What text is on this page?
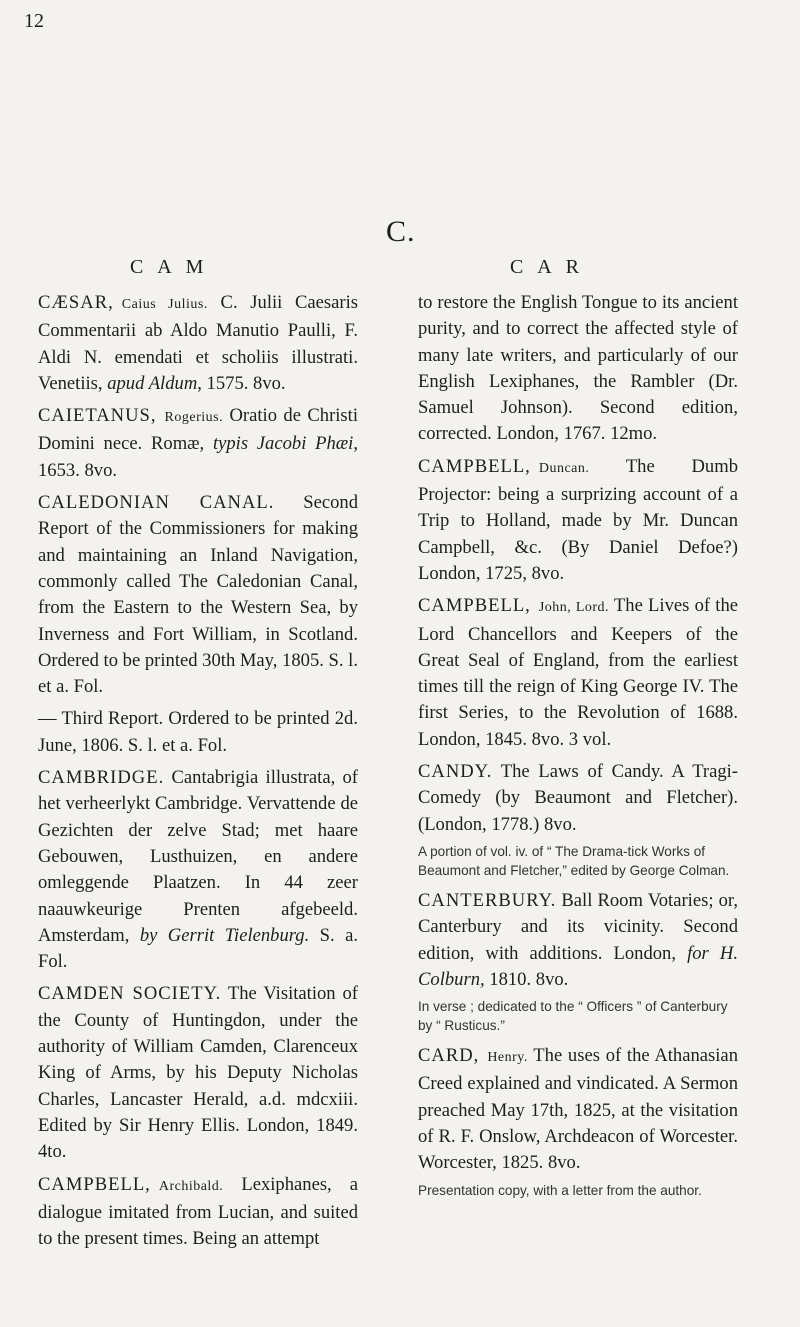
12
C.
C A M	C A R

CÆSAR, Caius Julius. C. Julii Caesaris Commentarii ab Aldo Manutio Paulli, F. Aldi N. emendati et scholiis illustrati. Venetiis, apud Aldum, 1575. 8vo.

CAIETANUS, Rogerius. Oratio de Christi Domini nece. Romæ, typis Jacobi Phæi, 1653. 8vo.

CALEDONIAN CANAL. Second Report of the Commissioners for making and maintaining an Inland Navigation, commonly called The Caledonian Canal, from the Eastern to the Western Sea, by Inverness and Fort William, in Scotland. Ordered to be printed 30th May, 1805. S. l. et a. Fol.

— Third Report. Ordered to be printed 2d. June, 1806. S. l. et a. Fol.

CAMBRIDGE. Cantabrigia illustrata, of het verheerlykt Cambridge. Vervattende de Gezichten der zelve Stad; met haare Gebouwen, Lusthuizen, en andere omleggende Plaatzen. In 44 zeer naauwkeurige Prenten afgebeeld. Amsterdam, by Gerrit Tielenburg. S. a. Fol.

CAMDEN SOCIETY. The Visitation of the County of Huntingdon, under the authority of William Camden, Clarenceux King of Arms, by his Deputy Nicholas Charles, Lancaster Herald, a.d. mdcxiii. Edited by Sir Henry Ellis. London, 1849. 4to.

CAMPBELL, Archibald. Lexiphanes, a dialogue imitated from Lucian, and suited to the present times. Being an attempt

to restore the English Tongue to its ancient purity, and to correct the affected style of many late writers, and particularly of our English Lexiphanes, the Rambler (Dr. Samuel Johnson). Second edition, corrected. London, 1767. 12mo.

CAMPBELL, Duncan. The Dumb Projector: being a surprizing account of a Trip to Holland, made by Mr. Duncan Campbell, &c. (By Daniel Defoe?) London, 1725, 8vo.

CAMPBELL, John, Lord. The Lives of the Lord Chancellors and Keepers of the Great Seal of England, from the earliest times till the reign of King George IV. The first Series, to the Revolution of 1688. London, 1845. 8vo. 3 vol.

CANDY. The Laws of Candy. A Tragi-Comedy (by Beaumont and Fletcher). (London, 1778.) 8vo.

A portion of vol. iv. of “ The Drama-tick Works of Beaumont and Fletcher,” edited by George Colman.

CANTERBURY. Ball Room Votaries; or, Canterbury and its vicinity. Second edition, with additions. London, for H. Colburn, 1810. 8vo.

In verse ; dedicated to the “ Officers ” of Canterbury by “ Rusticus.”

CARD, Henry. The uses of the Athanasian Creed explained and vindicated. A Sermon preached May 17th, 1825, at the visitation of R. F. Onslow, Archdeacon of Worcester. Worcester, 1825. 8vo.

Presentation copy, with a letter from the author.
